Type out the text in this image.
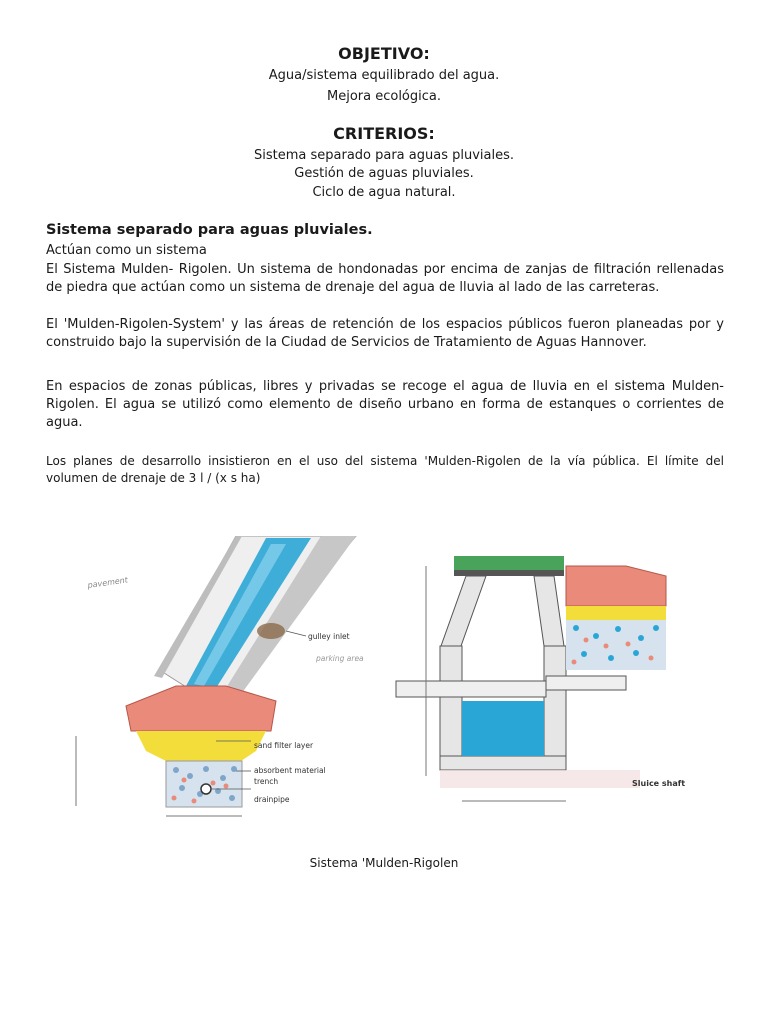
OBJETIVO:
Agua/sistema equilibrado del agua.
Mejora ecológica.
CRITERIOS:
Sistema separado para aguas pluviales.
Gestión de aguas pluviales.
Ciclo de agua natural.
Sistema separado para aguas pluviales.
Actúan como un sistema
El Sistema Mulden- Rigolen. Un sistema de hondonadas por encima de zanjas de filtración rellenadas de piedra que actúan como un sistema de drenaje del agua de lluvia al lado de las carreteras.
El 'Mulden-Rigolen-System' y las áreas de retención de los espacios públicos fueron planeadas por y construido bajo la supervisión de la Ciudad de Servicios de Tratamiento de Aguas Hannover.
En espacios de zonas públicas, libres y privadas se recoge el agua de lluvia en el sistema Mulden-Rigolen. El agua se utilizó como elemento de diseño urbano en forma de estanques o corrientes de agua.
Los planes de desarrollo insistieron en el uso del sistema 'Mulden-Rigolen de la vía pública. El límite del volumen de drenaje de 3 l / (x s ha)
pavement
gulley inlet
parking area
sand filter layer
absorbent material
trench
drainpipe
Sluice shaft
Sistema 'Mulden-Rigolen
